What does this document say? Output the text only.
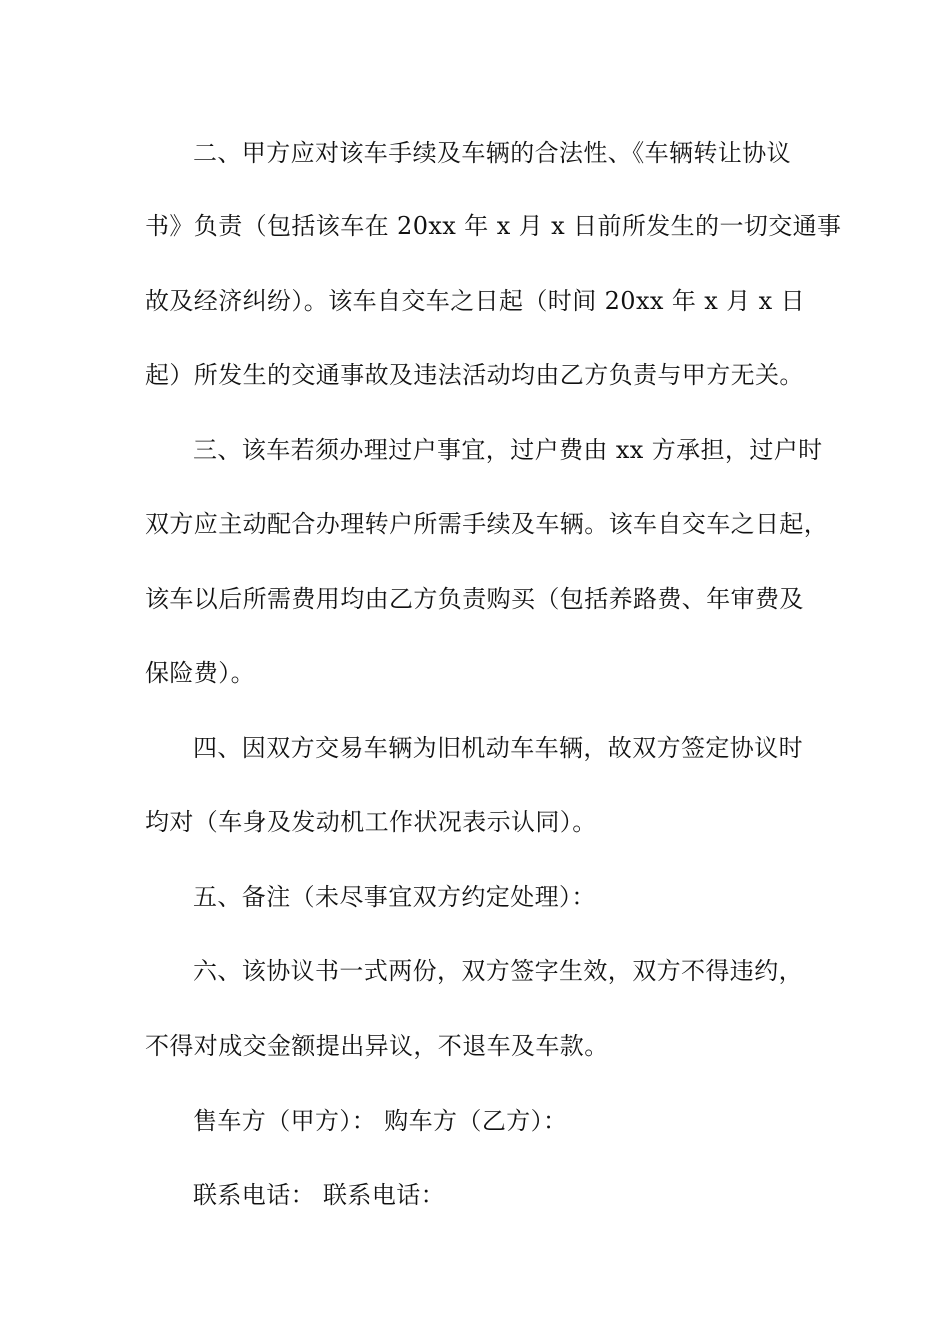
二、甲方应对该车手续及车辆的合法性、《车辆转让协议
书》负责（包括该车在 20xx 年 x 月 x 日前所发生的一切交通事
故及经济纠纷）。该车自交车之日起（时间 20xx 年 x 月 x 日
起）所发生的交通事故及违法活动均由乙方负责与甲方无关。
三、该车若须办理过户事宜，过户费由 xx 方承担，过户时
双方应主动配合办理转户所需手续及车辆。该车自交车之日起，
该车以后所需费用均由乙方负责购买（包括养路费、年审费及
保险费）。
四、因双方交易车辆为旧机动车车辆，故双方签定协议时
均对（车身及发动机工作状况表示认同）。
五、备注（未尽事宜双方约定处理）：
六、该协议书一式两份，双方签字生效，双方不得违约，
不得对成交金额提出异议，不退车及车款。
售车方（甲方）： 购车方（乙方）：
联系电话： 联系电话：
